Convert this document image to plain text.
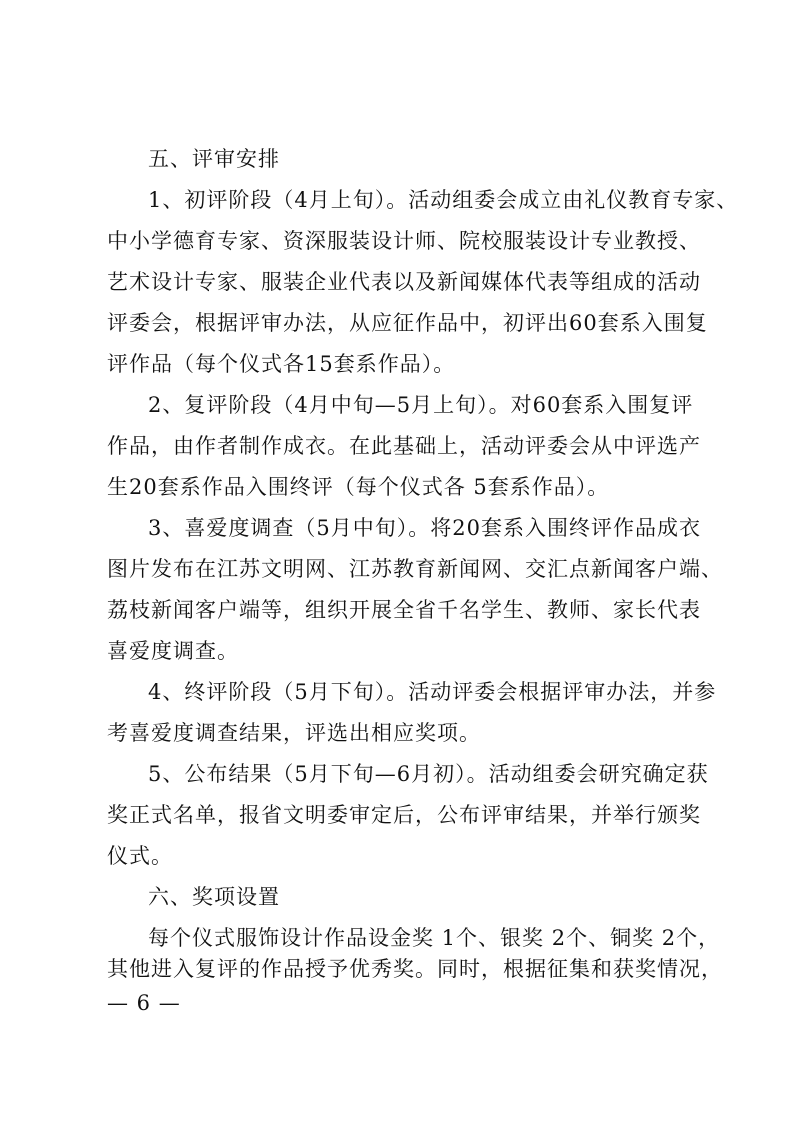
五、评审安排
1、初评阶段（4月上旬）。活动组委会成立由礼仪教育专家、
中小学德育专家、资深服装设计师、院校服装设计专业教授、
艺术设计专家、服装企业代表以及新闻媒体代表等组成的活动
评委会，根据评审办法，从应征作品中，初评出60套系入围复
评作品（每个仪式各15套系作品）。
2、复评阶段（4月中旬—5月上旬）。对60套系入围复评
作品，由作者制作成衣。在此基础上，活动评委会从中评选产
生20套系作品入围终评（每个仪式各 5套系作品）。
3、喜爱度调查（5月中旬）。将20套系入围终评作品成衣
图片发布在江苏文明网、江苏教育新闻网、交汇点新闻客户端、
荔枝新闻客户端等，组织开展全省千名学生、教师、家长代表
喜爱度调查。
4、终评阶段（5月下旬）。活动评委会根据评审办法，并参
考喜爱度调查结果，评选出相应奖项。
5、公布结果（5月下旬—6月初）。活动组委会研究确定获
奖正式名单，报省文明委审定后，公布评审结果，并举行颁奖
仪式。
六、奖项设置
每个仪式服饰设计作品设金奖 1个、银奖 2个、铜奖 2个，
其他进入复评的作品授予优秀奖。同时，根据征集和获奖情况，
— 6 —
